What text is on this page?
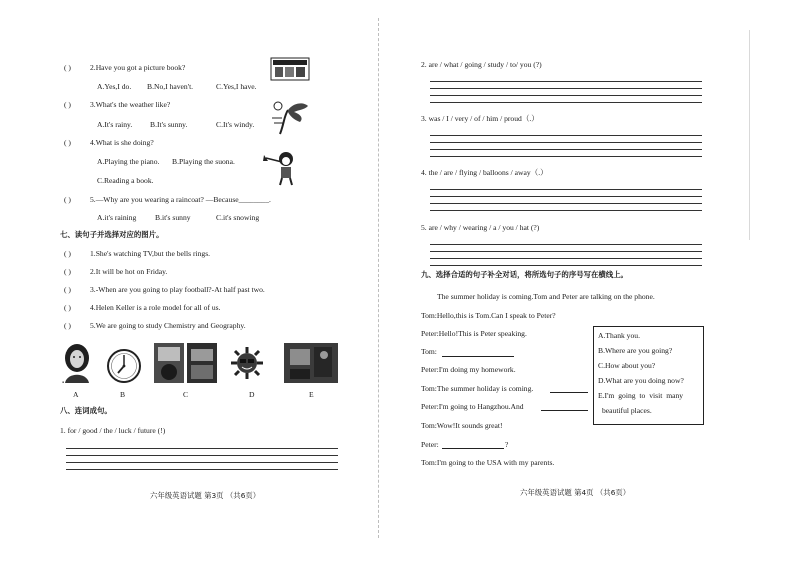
( )	2.Have you got a picture book?
A.Yes,I do. B.No,I haven't.	C.Yes,I have.
( )	3.What's the weather like?
A.It's rainy. B.It's sunny.	C.It's windy.
( )	4.What is she doing?
A.Playing the piano. B.Playing the suona.
C.Reading a book.
( )	5.—Why are you wearing a raincoat? —Because________.
A.it's raining B.it's sunny	C.it's snowing
七、读句子并选择对应的图片。
( )	1.She's watching TV,but the bells rings.
( )	2.It will be hot on Friday.
( )	3.-When are you going to play football?-At half past two.
( )	4.Helen Keller is a role model for all of us.
( )	5.We are going to study Chemistry and Geography.
▪
A	B	C	D	E
八、连词成句。
1. for / good / the / luck / future (!)
六年级英语试题 第3页 （共6页）
2. are / what / going / study / to/ you (?)
3. was / I / very / of / him / proud（.）
4. the / are / flying / balloons / away（.）
5. are / why / wearing / a / you / hat (?)
九、选择合适的句子补全对话，将所选句子的序号写在横线上。
The summer holiday is coming.Tom and Peter are talking on the phone.
Tom:Hello,this is Tom.Can I speak to Peter?
Peter:Hello!This is Peter speaking.
Tom:
Peter:I'm doing my homework.
Tom:The summer holiday is coming.
Peter:I'm going to Hangzhou.And
Tom:Wow!It sounds great!
Peter:	?
Tom:I'm going to the USA with my parents.
A.Thank you.
B.Where are you going?
C.How about you?
D.What are you doing now?
E.I'm going to visit many
beautiful places.
六年级英语试题 第4页 （共6页）
